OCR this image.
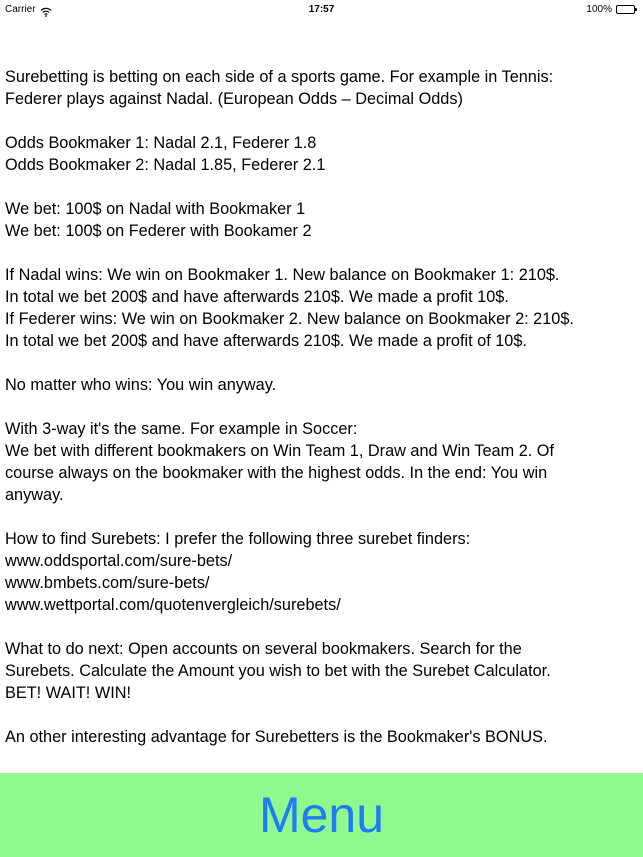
Carrier	17:57	100%
Surebetting is betting on each side of a sports game. For example in Tennis:
Federer plays against Nadal. (European Odds – Decimal Odds)
Odds Bookmaker 1: Nadal 2.1, Federer 1.8
Odds Bookmaker 2: Nadal 1.85, Federer 2.1
We bet: 100$ on Nadal with Bookmaker 1
We bet: 100$ on Federer with Bookamer 2
If Nadal wins: We win on Bookmaker 1. New balance on Bookmaker 1: 210$.
In total we bet 200$ and have afterwards 210$. We made a profit 10$.
If Federer wins: We win on Bookmaker 2. New balance on Bookmaker 2: 210$.
In total we bet 200$ and have afterwards 210$. We made a profit of 10$.
No matter who wins: You win anyway.
With 3-way it's the same. For example in Soccer:
We bet with different bookmakers on Win Team 1, Draw and Win Team 2. Of
course always on the bookmaker with the highest odds. In the end: You win
anyway.
How to find Surebets: I prefer the following three surebet finders:
www.oddsportal.com/sure-bets/
www.bmbets.com/sure-bets/
www.wettportal.com/quotenvergleich/surebets/
What to do next: Open accounts on several bookmakers. Search for the
Surebets. Calculate the Amount you wish to bet with the Surebet Calculator.
BET! WAIT! WIN!
An other interesting advantage for Surebetters is the Bookmaker's BONUS.
Menu
